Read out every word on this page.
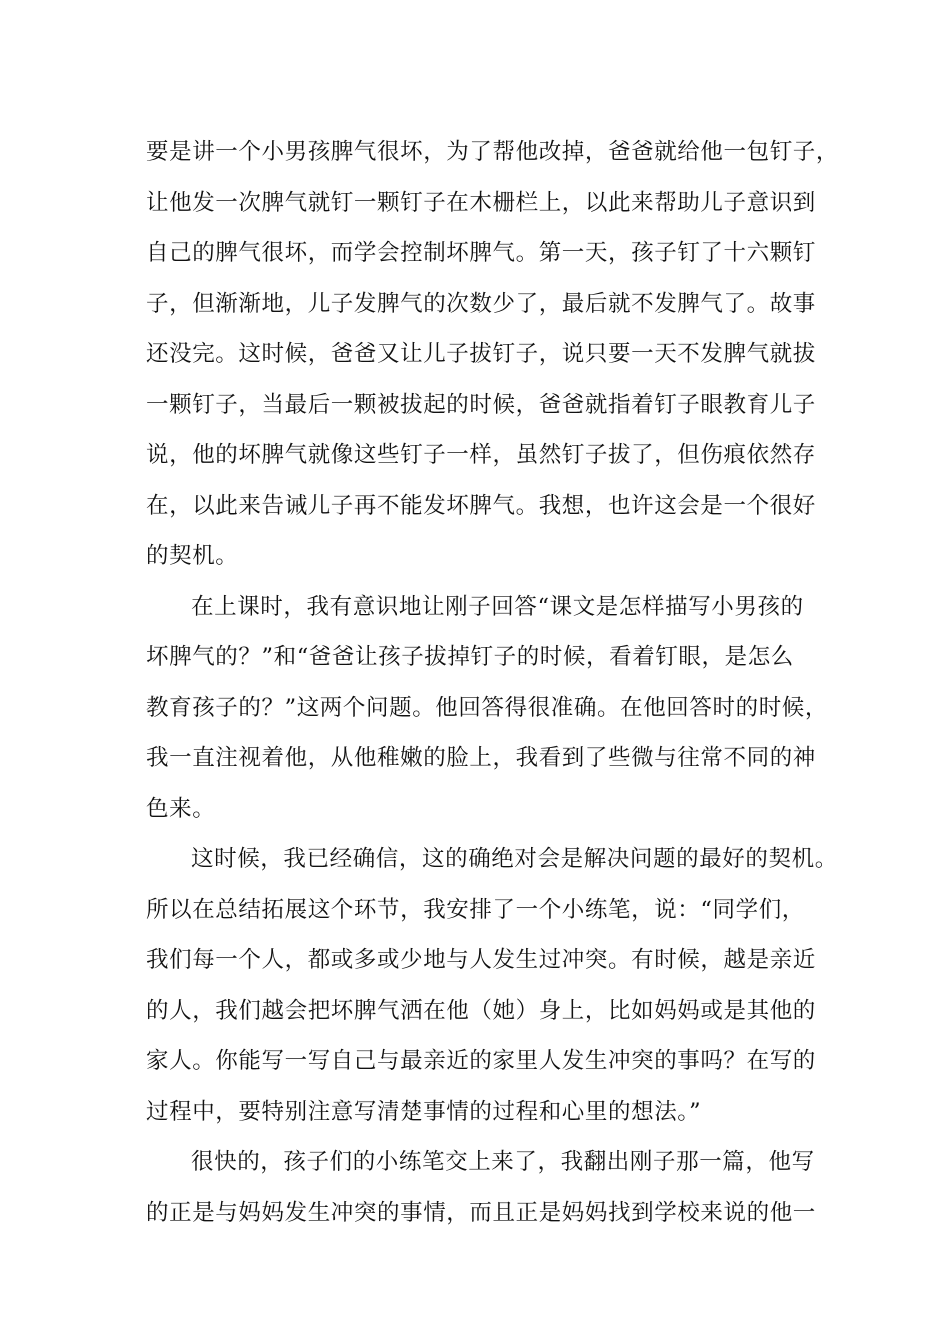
要是讲一个小男孩脾气很坏，为了帮他改掉，爸爸就给他一包钉子，
让他发一次脾气就钉一颗钉子在木栅栏上，以此来帮助儿子意识到
自己的脾气很坏，而学会控制坏脾气。第一天，孩子钉了十六颗钉
子，但渐渐地，儿子发脾气的次数少了，最后就不发脾气了。故事
还没完。这时候，爸爸又让儿子拔钉子，说只要一天不发脾气就拔
一颗钉子，当最后一颗被拔起的时候，爸爸就指着钉子眼教育儿子
说，他的坏脾气就像这些钉子一样，虽然钉子拔了，但伤痕依然存
在，以此来告诫儿子再不能发坏脾气。我想，也许这会是一个很好
的契机。
在上课时，我有意识地让刚子回答“课文是怎样描写小男孩的
坏脾气的？”和“爸爸让孩子拔掉钉子的时候，看着钉眼，是怎么
教育孩子的？”这两个问题。他回答得很准确。在他回答时的时候，
我一直注视着他，从他稚嫩的脸上，我看到了些微与往常不同的神
色来。
这时候，我已经确信，这的确绝对会是解决问题的最好的契机。
所以在总结拓展这个环节，我安排了一个小练笔，说：“同学们，
我们每一个人，都或多或少地与人发生过冲突。有时候，越是亲近
的人，我们越会把坏脾气洒在他（她）身上，比如妈妈或是其他的
家人。你能写一写自己与最亲近的家里人发生冲突的事吗？在写的
过程中，要特别注意写清楚事情的过程和心里的想法。”
很快的，孩子们的小练笔交上来了，我翻出刚子那一篇，他写
的正是与妈妈发生冲突的事情，而且正是妈妈找到学校来说的他一
